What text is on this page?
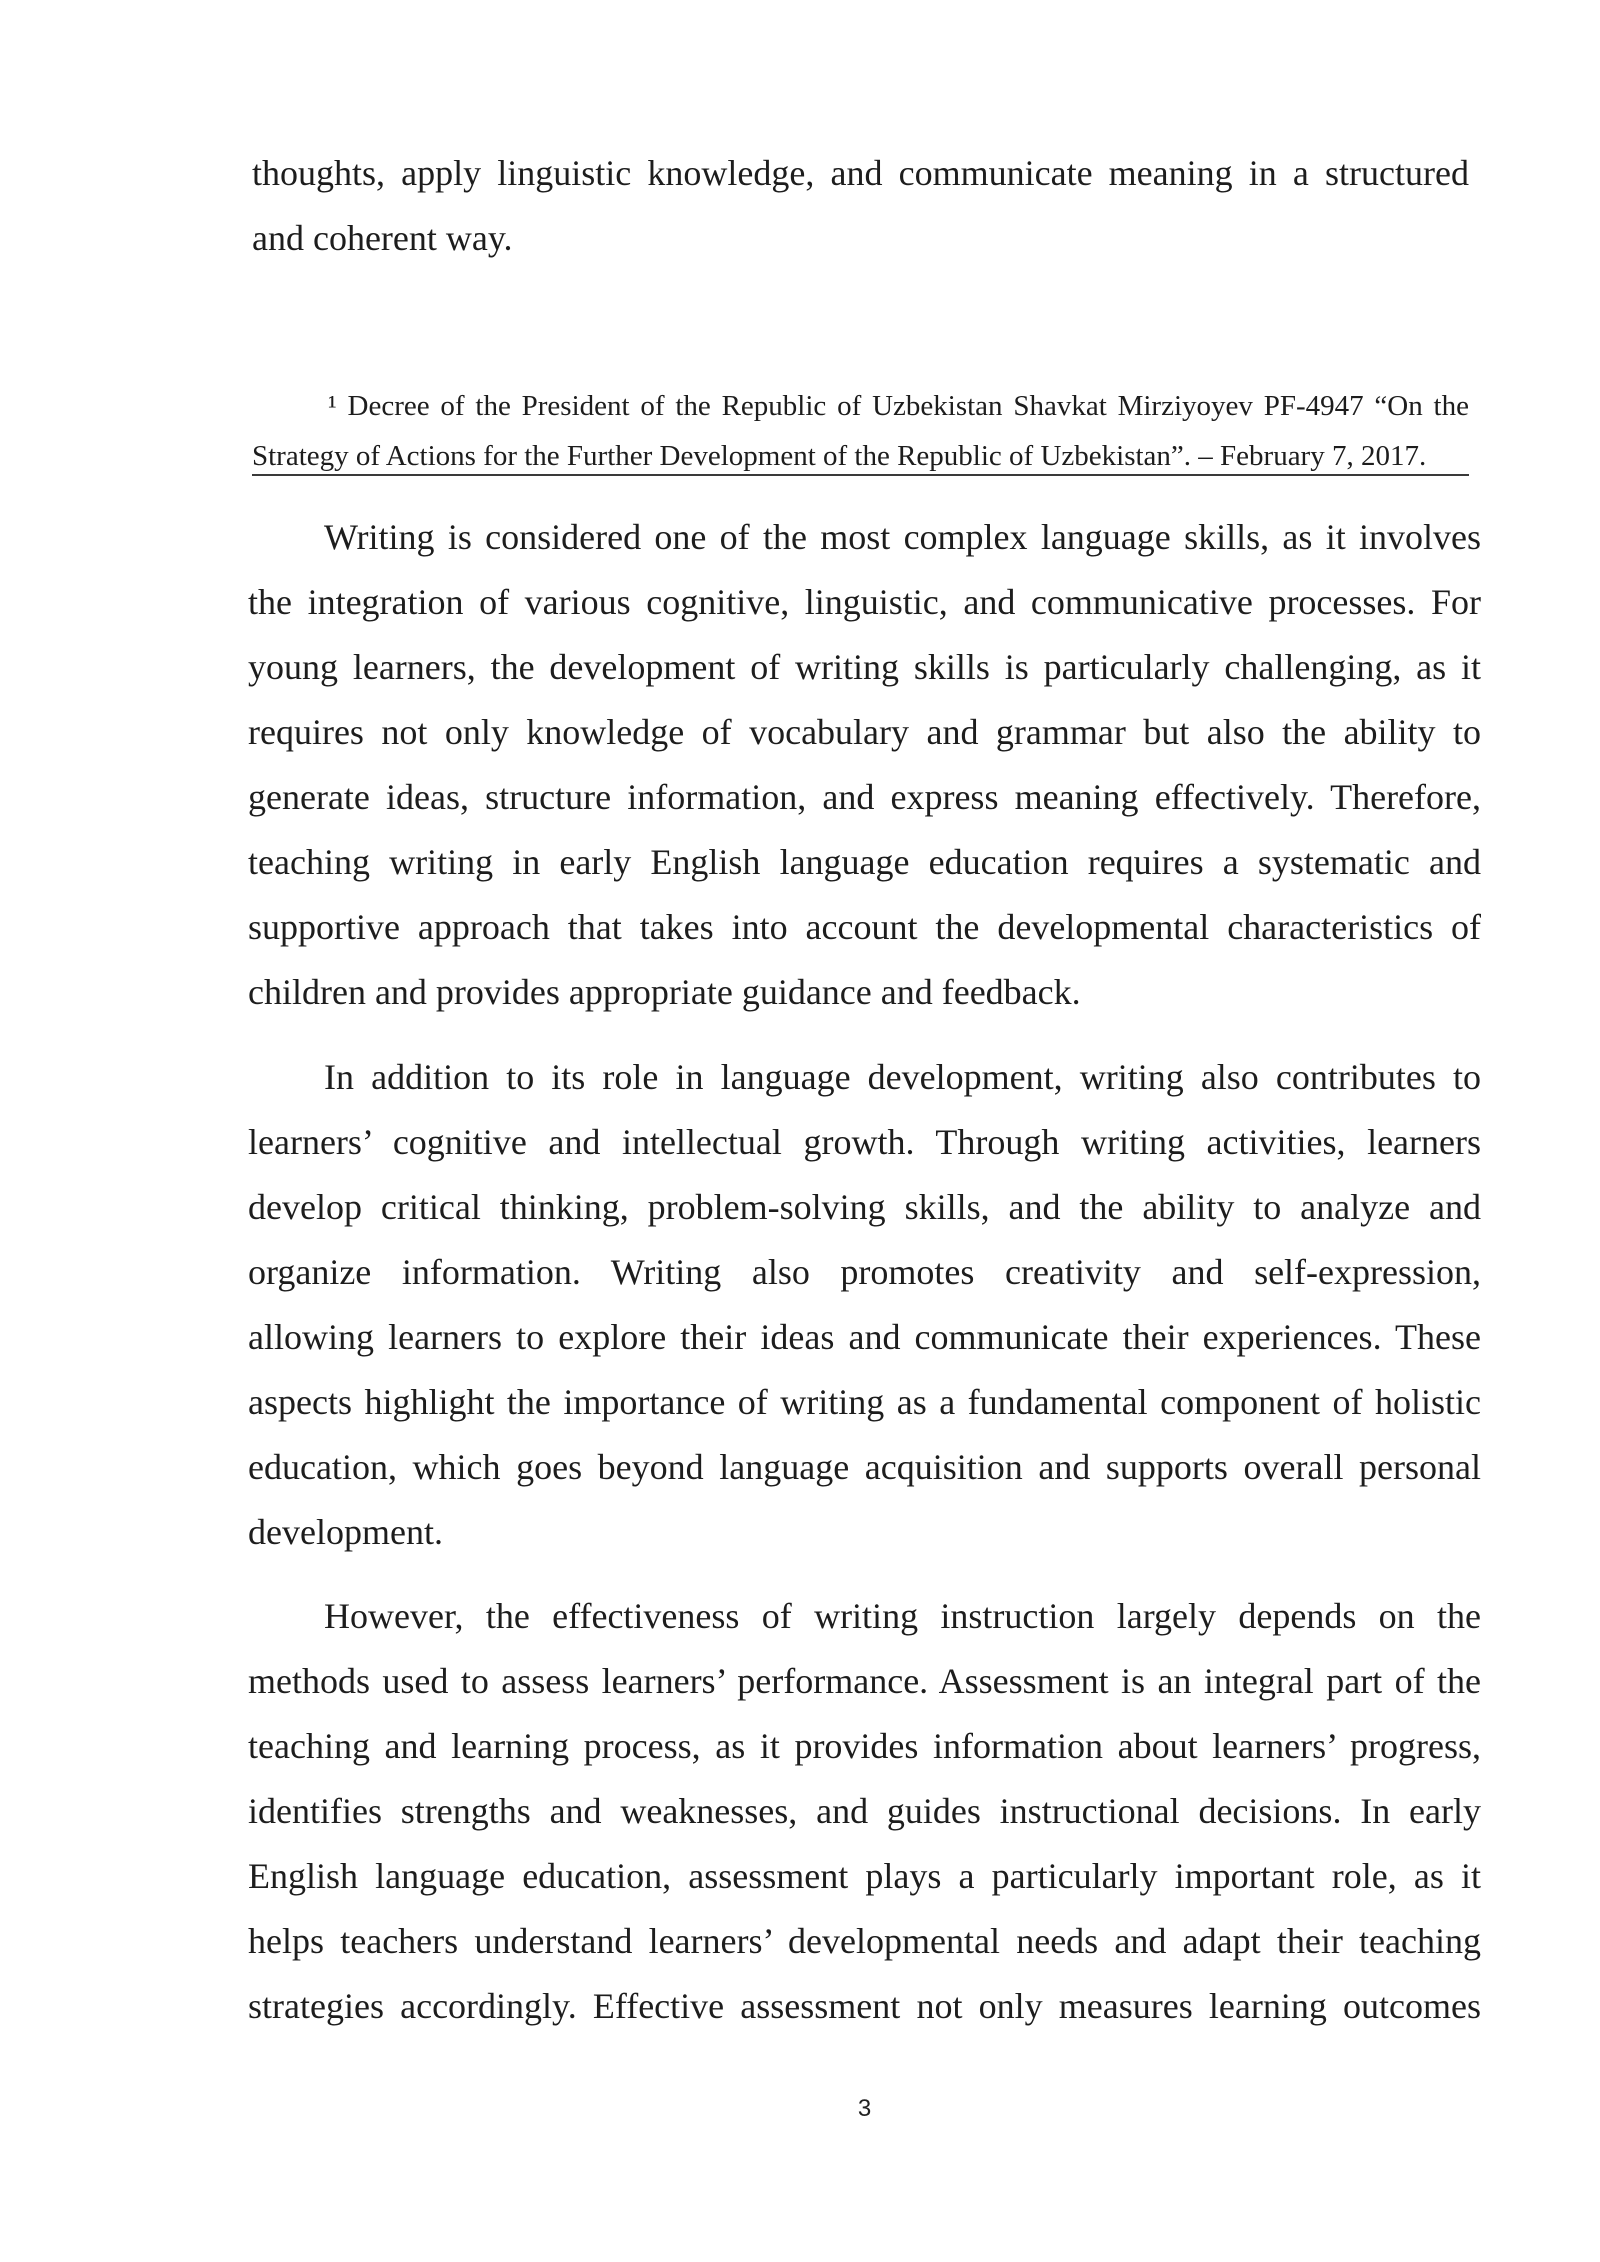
thoughts, apply linguistic knowledge, and communicate meaning in a structured
and coherent way.
¹ Decree of the President of the Republic of Uzbekistan Shavkat Mirziyoyev PF-4947 “On the
Strategy of Actions for the Further Development of the Republic of Uzbekistan”. – February 7, 2017.
Writing is considered one of the most complex language skills, as it involves
the integration of various cognitive, linguistic, and communicative processes. For
young learners, the development of writing skills is particularly challenging, as it
requires not only knowledge of vocabulary and grammar but also the ability to
generate ideas, structure information, and express meaning effectively. Therefore,
teaching writing in early English language education requires a systematic and
supportive approach that takes into account the developmental characteristics of
children and provides appropriate guidance and feedback.
In addition to its role in language development, writing also contributes to
learners’ cognitive and intellectual growth. Through writing activities, learners
develop critical thinking, problem-solving skills, and the ability to analyze and
organize information. Writing also promotes creativity and self-expression,
allowing learners to explore their ideas and communicate their experiences. These
aspects highlight the importance of writing as a fundamental component of holistic
education, which goes beyond language acquisition and supports overall personal
development.
However, the effectiveness of writing instruction largely depends on the
methods used to assess learners’ performance. Assessment is an integral part of the
teaching and learning process, as it provides information about learners’ progress,
identifies strengths and weaknesses, and guides instructional decisions. In early
English language education, assessment plays a particularly important role, as it
helps teachers understand learners’ developmental needs and adapt their teaching
strategies accordingly. Effective assessment not only measures learning outcomes
3
